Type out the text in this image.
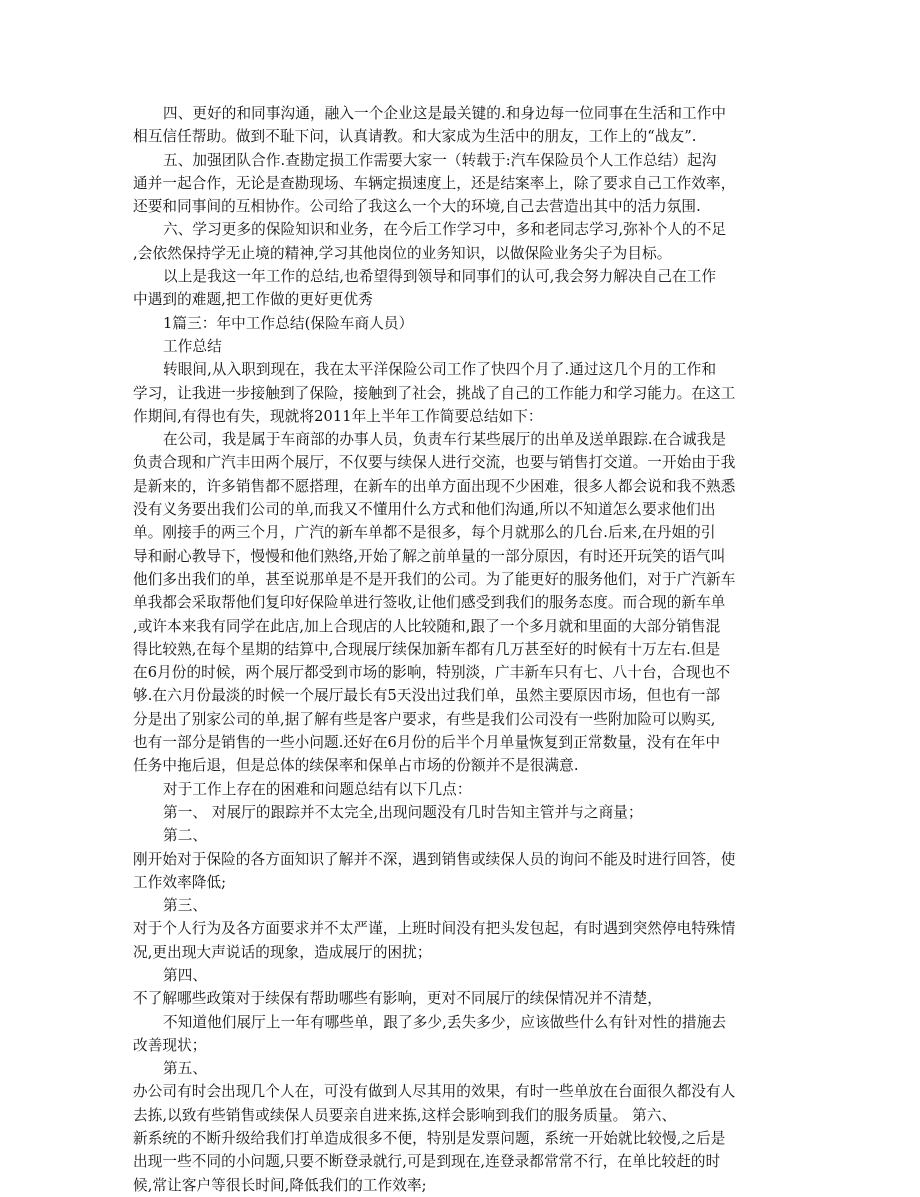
四、更好的和同事沟通，融入一个企业这是最关键的.和身边每一位同事在生活和工作中
相互信任帮助。做到不耻下问，认真请教。和大家成为生活中的朋友，工作上的“战友”.
五、加强团队合作.查勘定损工作需要大家一（转载于:汽车保险员个人工作总结）起沟
通并一起合作，无论是查勘现场、车辆定损速度上，还是结案率上，除了要求自己工作效率，
还要和同事间的互相协作。公司给了我这么一个大的环境,自己去营造出其中的活力氛围.
六、学习更多的保险知识和业务，在今后工作学习中，多和老同志学习,弥补个人的不足
,会依然保持学无止境的精神,学习其他岗位的业务知识，以做保险业务尖子为目标。
以上是我这一年工作的总结,也希望得到领导和同事们的认可,我会努力解决自己在工作
中遇到的难题,把工作做的更好更优秀
1篇三：年中工作总结(保险车商人员）
工作总结
转眼间,从入职到现在，我在太平洋保险公司工作了快四个月了.通过这几个月的工作和
学习，让我进一步接触到了保险，接触到了社会，挑战了自己的工作能力和学习能力。在这工
作期间,有得也有失，现就将2011年上半年工作简要总结如下：
在公司，我是属于车商部的办事人员，负责车行某些展厅的出单及送单跟踪.在合诚我是
负责合现和广汽丰田两个展厅，不仅要与续保人进行交流，也要与销售打交道。一开始由于我
是新来的，许多销售都不愿搭理，在新车的出单方面出现不少困难，很多人都会说和我不熟悉
没有义务要出我们公司的单,而我又不懂用什么方式和他们沟通,所以不知道怎么要求他们出
单。刚接手的两三个月，广汽的新车单都不是很多，每个月就那么的几台.后来,在丹姐的引
导和耐心教导下，慢慢和他们熟络,开始了解之前单量的一部分原因，有时还开玩笑的语气叫
他们多出我们的单，甚至说那单是不是开我们的公司。为了能更好的服务他们，对于广汽新车
单我都会采取帮他们复印好保险单进行签收,让他们感受到我们的服务态度。而合现的新车单
,或许本来我有同学在此店,加上合现店的人比较随和,跟了一个多月就和里面的大部分销售混
得比较熟,在每个星期的结算中,合现展厅续保加新车都有几万甚至好的时候有十万左右.但是
在6月份的时候，两个展厅都受到市场的影响，特别淡，广丰新车只有七、八十台，合现也不
够.在六月份最淡的时候一个展厅最长有5天没出过我们单，虽然主要原因市场，但也有一部
分是出了别家公司的单,据了解有些是客户要求，有些是我们公司没有一些附加险可以购买,
也有一部分是销售的一些小问题.还好在6月份的后半个月单量恢复到正常数量，没有在年中
任务中拖后退，但是总体的续保率和保单占市场的份额并不是很满意.
对于工作上存在的困难和问题总结有以下几点：
第一、 对展厅的跟踪并不太完全,出现问题没有几时告知主管并与之商量；
第二、
刚开始对于保险的各方面知识了解并不深，遇到销售或续保人员的询问不能及时进行回答，使
工作效率降低;
第三、
对于个人行为及各方面要求并不太严谨，上班时间没有把头发包起，有时遇到突然停电特殊情
况,更出现大声说话的现象，造成展厅的困扰；
第四、
不了解哪些政策对于续保有帮助哪些有影响，更对不同展厅的续保情况并不清楚，
不知道他们展厅上一年有哪些单，跟了多少,丢失多少，应该做些什么有针对性的措施去
改善现状；
第五、
办公司有时会出现几个人在，可没有做到人尽其用的效果，有时一些单放在台面很久都没有人
去拣,以致有些销售或续保人员要亲自进来拣,这样会影响到我们的服务质量。 第六、
新系统的不断升级给我们打单造成很多不便，特别是发票问题，系统一开始就比较慢,之后是
出现一些不同的小问题,只要不断登录就行,可是到现在,连登录都常常不行，在单比较赶的时
候,常让客户等很长时间,降低我们的工作效率;
